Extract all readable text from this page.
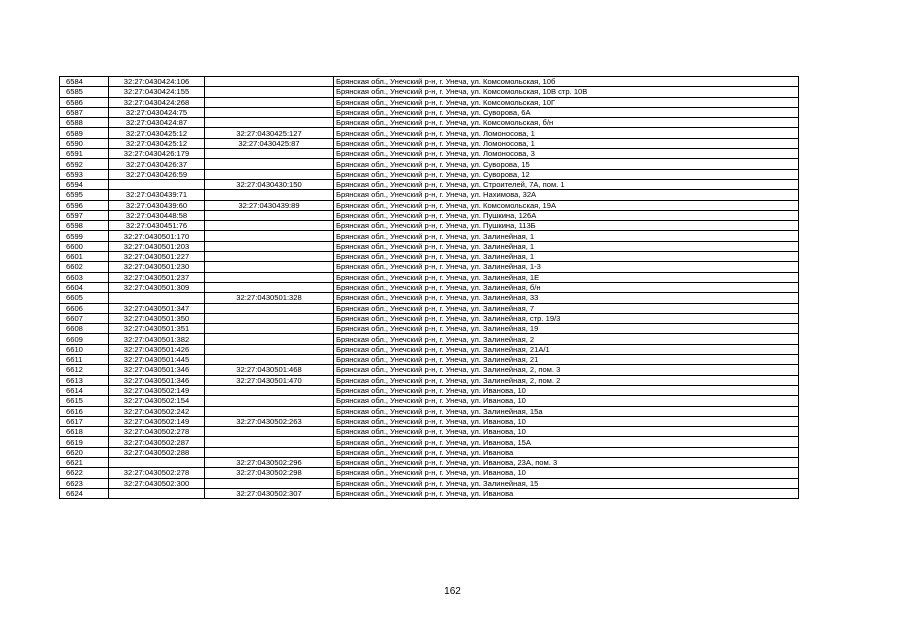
6584	32:27:0430424:106		Брянская обл., Унечский р-н, г. Унеча, ул. Комсомольская, 10б
6585	32:27:0430424:155		Брянская обл., Унечский р-н, г. Унеча, ул. Комсомольская, 10В стр. 10В
6586	32:27:0430424:268		Брянская обл., Унечский р-н, г. Унеча, ул. Комсомольская, 10Г
6587	32:27:0430424:75		Брянская обл., Унечский р-н, г. Унеча, ул. Суворова, 6А
6588	32:27:0430424:87		Брянская обл., Унечский р-н, г. Унеча, ул. Комсомольская, б/н
6589	32:27:0430425:12	32:27:0430425:127	Брянская обл., Унечский р-н, г. Унеча, ул. Ломоносова, 1
6590	32:27:0430425:12	32:27:0430425:87	Брянская обл., Унечский р-н, г. Унеча, ул. Ломоносова, 1
6591	32:27:0430426:179		Брянская обл., Унечский р-н, г. Унеча, ул. Ломоносова, 3
6592	32:27:0430426:37		Брянская обл., Унечский р-н, г. Унеча, ул. Суворова, 15
6593	32:27:0430426:59		Брянская обл., Унечский р-н, г. Унеча, ул. Суворова, 12
6594		32:27:0430430:150	Брянская обл., Унечский р-н, г. Унеча, ул. Строителей, 7А, пом. 1
6595	32:27:0430439:71		Брянская обл., Унечский р-н, г. Унеча, ул. Нахимова, 32А
6596	32:27:0430439:60	32:27:0430439:89	Брянская обл., Унечский р-н, г. Унеча, ул. Комсомольская, 19А
6597	32:27:0430448:58		Брянская обл., Унечский р-н, г. Унеча, ул. Пушкина, 126А
6598	32:27:0430451:76		Брянская обл., Унечский р-н, г. Унеча, ул. Пушкина, 113Б
6599	32:27:0430501:170		Брянская обл., Унечский р-н, г. Унеча, ул. Залинейная, 1
6600	32:27:0430501:203		Брянская обл., Унечский р-н, г. Унеча, ул. Залинейная, 1
6601	32:27:0430501:227		Брянская обл., Унечский р-н, г. Унеча, ул. Залинейная, 1
6602	32:27:0430501:230		Брянская обл., Унечский р-н, г. Унеча, ул. Залинейная, 1-3
6603	32:27:0430501:237		Брянская обл., Унечский р-н, г. Унеча, ул. Залинейная, 1Е
6604	32:27:0430501:309		Брянская обл., Унечский р-н, г. Унеча, ул. Залинейная, б/н
6605		32:27:0430501:328	Брянская обл., Унечский р-н, г. Унеча, ул. Залинейная, 33
6606	32:27:0430501:347		Брянская обл., Унечский р-н, г. Унеча, ул. Залинейная, 7
6607	32:27:0430501:350		Брянская обл., Унечский р-н, г. Унеча, ул. Залинейная, стр. 19/3
6608	32:27:0430501:351		Брянская обл., Унечский р-н, г. Унеча, ул. Залинейная, 19
6609	32:27:0430501:382		Брянская обл., Унечский р-н, г. Унеча, ул. Залинейная, 2
6610	32:27:0430501:426		Брянская обл., Унечский р-н, г. Унеча, ул. Залинейная, 21А/1
6611	32:27:0430501:445		Брянская обл., Унечский р-н, г. Унеча, ул. Залинейная, 21
6612	32:27:0430501:346	32:27:0430501:468	Брянская обл., Унечский р-н, г. Унеча, ул. Залинейная, 2, пом. 3
6613	32:27:0430501:346	32:27:0430501:470	Брянская обл., Унечский р-н, г. Унеча, ул. Залинейная, 2, пом. 2
6614	32:27:0430502:149		Брянская обл., Унечский р-н, г. Унеча, ул. Иванова, 10
6615	32:27:0430502:154		Брянская обл., Унечский р-н, г. Унеча, ул. Иванова, 10
6616	32:27:0430502:242		Брянская обл., Унечский р-н, г. Унеча, ул. Залинейная, 15а
6617	32:27:0430502:149	32:27:0430502:263	Брянская обл., Унечский р-н, г. Унеча, ул. Иванова, 10
6618	32:27:0430502:278		Брянская обл., Унечский р-н, г. Унеча, ул. Иванова, 10
6619	32:27:0430502:287		Брянская обл., Унечский р-н, г. Унеча, ул. Иванова, 15А
6620	32:27:0430502:288		Брянская обл., Унечский р-н, г. Унеча, ул. Иванова
6621		32:27:0430502:296	Брянская обл., Унечский р-н, г. Унеча, ул. Иванова, 23А, пом. 3
6622	32:27:0430502:278	32:27:0430502:298	Брянская обл., Унечский р-н, г. Унеча, ул. Иванова, 10
6623	32:27:0430502:300		Брянская обл., Унечский р-н, г. Унеча, ул. Залинейная, 15
6624		32:27:0430502:307	Брянская обл., Унечский р-н, г. Унеча, ул. Иванова
162
